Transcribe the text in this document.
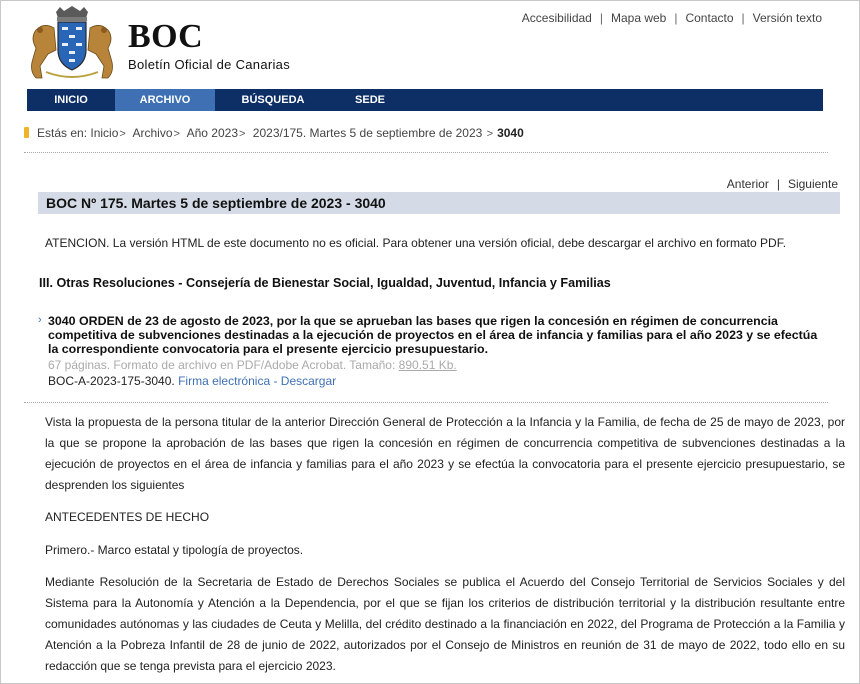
BOC
Boletín Oficial de Canarias
Accesibilidad | Mapa web | Contacto | Versión texto
INICIO	ARCHIVO	BÚSQUEDA	SEDE
Estás en: Inicio> Archivo> Año 2023> 2023/175. Martes 5 de septiembre de 2023 > 3040
Anterior | Siguiente
BOC Nº 175. Martes 5 de septiembre de 2023 - 3040
ATENCION. La versión HTML de este documento no es oficial. Para obtener una versión oficial, debe descargar el archivo en formato PDF.
III. Otras Resoluciones - Consejería de Bienestar Social, Igualdad, Juventud, Infancia y Familias
› 3040 ORDEN de 23 de agosto de 2023, por la que se aprueban las bases que rigen la concesión en régimen de concurrencia competitiva de subvenciones destinadas a la ejecución de proyectos en el área de infancia y familias para el año 2023 y se efectúa la correspondiente convocatoria para el presente ejercicio presupuestario.
67 páginas. Formato de archivo en PDF/Adobe Acrobat. Tamaño: 890.51 Kb.
BOC-A-2023-175-3040. Firma electrónica - Descargar
Vista la propuesta de la persona titular de la anterior Dirección General de Protección a la Infancia y la Familia, de fecha de 25 de mayo de 2023, por la que se propone la aprobación de las bases que rigen la concesión en régimen de concurrencia competitiva de subvenciones destinadas a la ejecución de proyectos en el área de infancia y familias para el año 2023 y se efectúa la convocatoria para el presente ejercicio presupuestario, se desprenden los siguientes
ANTECEDENTES DE HECHO
Primero.- Marco estatal y tipología de proyectos.
Mediante Resolución de la Secretaria de Estado de Derechos Sociales se publica el Acuerdo del Consejo Territorial de Servicios Sociales y del Sistema para la Autonomía y Atención a la Dependencia, por el que se fijan los criterios de distribución territorial y la distribución resultante entre comunidades autónomas y las ciudades de Ceuta y Melilla, del crédito destinado a la financiación en 2022, del Programa de Protección a la Familia y Atención a la Pobreza Infantil de 28 de junio de 2022, autorizados por el Consejo de Ministros en reunión de 31 de mayo de 2022, todo ello en su redacción que se tenga prevista para el ejercicio 2023.
